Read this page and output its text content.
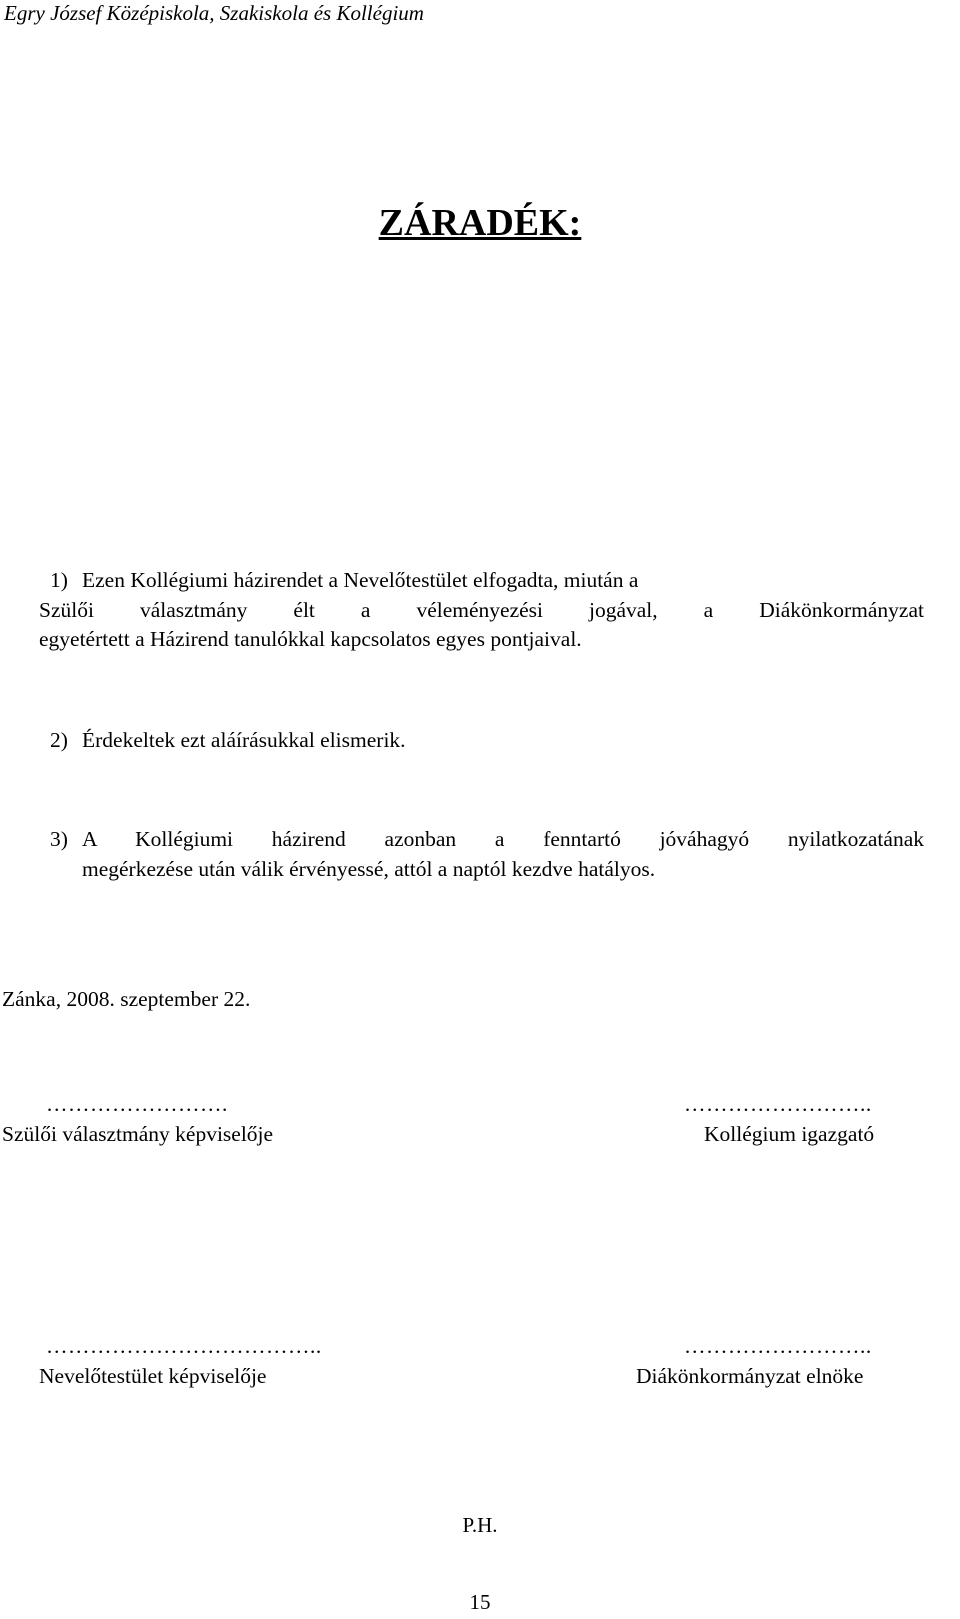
Egry József Középiskola, Szakiskola és Kollégium
ZÁRADÉK:
1) Ezen Kollégiumi házirendet a Nevelőtestület elfogadta, miután a
Szülői választmány élt a véleményezési jogával, a Diákönkormányzat
egyetértett a Házirend tanulókkal kapcsolatos egyes pontjaival.
2) Érdekeltek ezt aláírásukkal elismerik.
3) A Kollégiumi házirend azonban a fenntartó jóváhagyó nyilatkozatának
megérkezése után válik érvényessé, attól a naptól kezdve hatályos.
Zánka, 2008. szeptember 22.
…………………….
Szülői választmány képviselője
……………………..
Kollégium igazgató
………………………………..
Nevelőtestület képviselője
……………………..
Diákönkormányzat elnöke
P.H.
15
